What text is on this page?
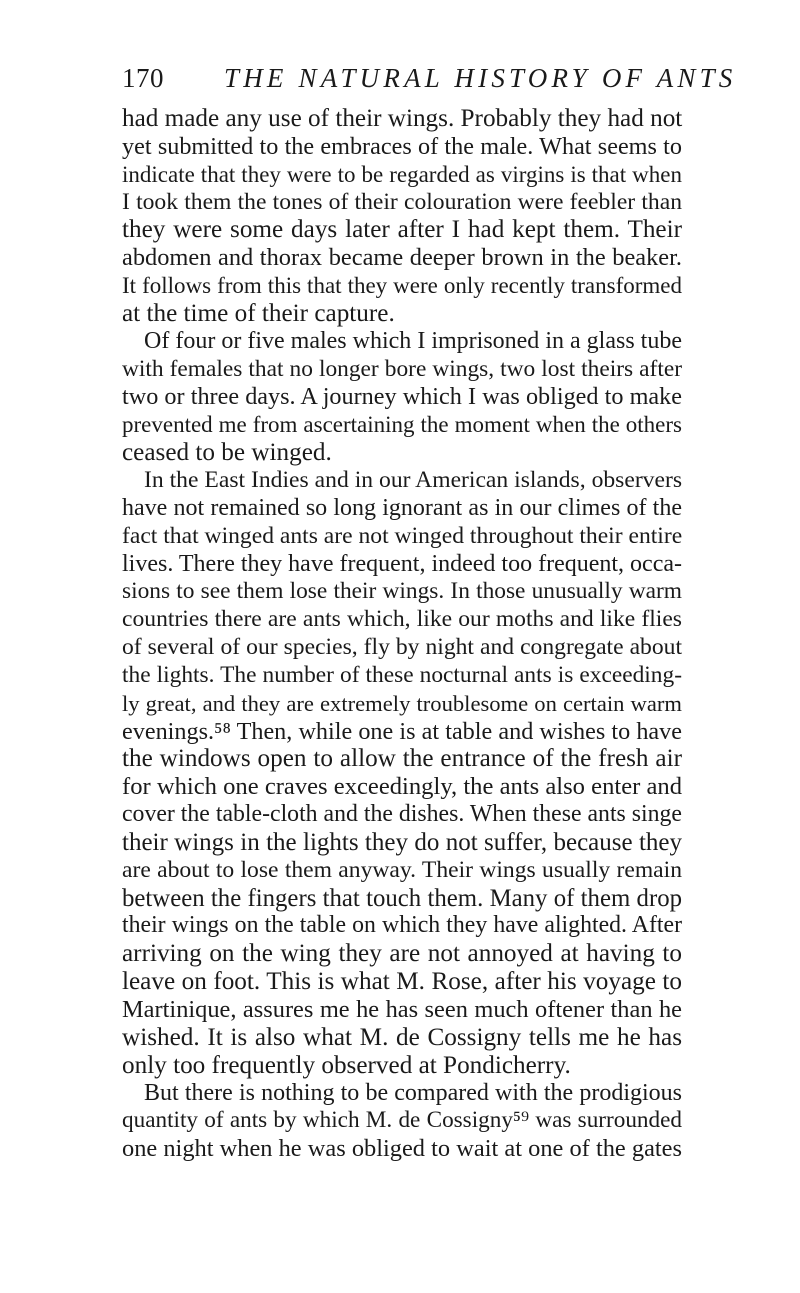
170 THE NATURAL HISTORY OF ANTS
had made any use of their wings. Probably they had not
yet submitted to the embraces of the male. What seems to
indicate that they were to be regarded as virgins is that when
I took them the tones of their colouration were feebler than
they were some days later after I had kept them. Their
abdomen and thorax became deeper brown in the beaker.
It follows from this that they were only recently transformed
at the time of their capture.
Of four or five males which I imprisoned in a glass tube
with females that no longer bore wings, two lost theirs after
two or three days. A journey which I was obliged to make
prevented me from ascertaining the moment when the others
ceased to be winged.
In the East Indies and in our American islands, observers
have not remained so long ignorant as in our climes of the
fact that winged ants are not winged throughout their entire
lives. There they have frequent, indeed too frequent, occa-
sions to see them lose their wings. In those unusually warm
countries there are ants which, like our moths and like flies
of several of our species, fly by night and congregate about
the lights. The number of these nocturnal ants is exceeding-
ly great, and they are extremely troublesome on certain warm
evenings.⁵⁸ Then, while one is at table and wishes to have
the windows open to allow the entrance of the fresh air
for which one craves exceedingly, the ants also enter and
cover the table-cloth and the dishes. When these ants singe
their wings in the lights they do not suffer, because they
are about to lose them anyway. Their wings usually remain
between the fingers that touch them. Many of them drop
their wings on the table on which they have alighted. After
arriving on the wing they are not annoyed at having to
leave on foot. This is what M. Rose, after his voyage to
Martinique, assures me he has seen much oftener than he
wished. It is also what M. de Cossigny tells me he has
only too frequently observed at Pondicherry.
But there is nothing to be compared with the prodigious
quantity of ants by which M. de Cossigny⁵⁹ was surrounded
one night when he was obliged to wait at one of the gates
